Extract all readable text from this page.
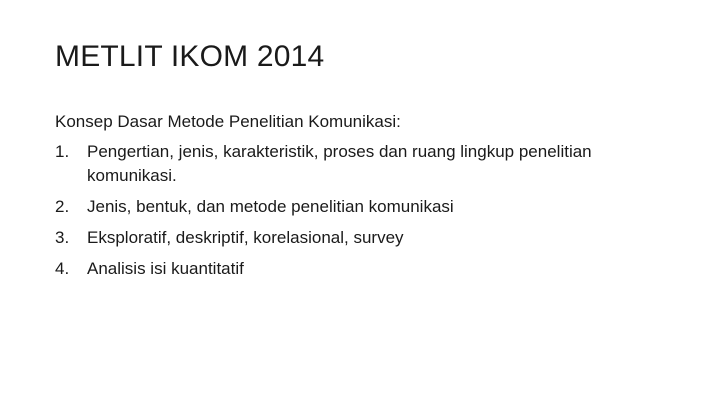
METLIT IKOM 2014

Konsep Dasar Metode Penelitian Komunikasi:

1.	Pengertian, jenis, karakteristik, proses dan ruang lingkup penelitian komunikasi.
2.	Jenis, bentuk, dan metode penelitian komunikasi
3.	Eksploratif, deskriptif, korelasional, survey
4.	Analisis isi kuantitatif
